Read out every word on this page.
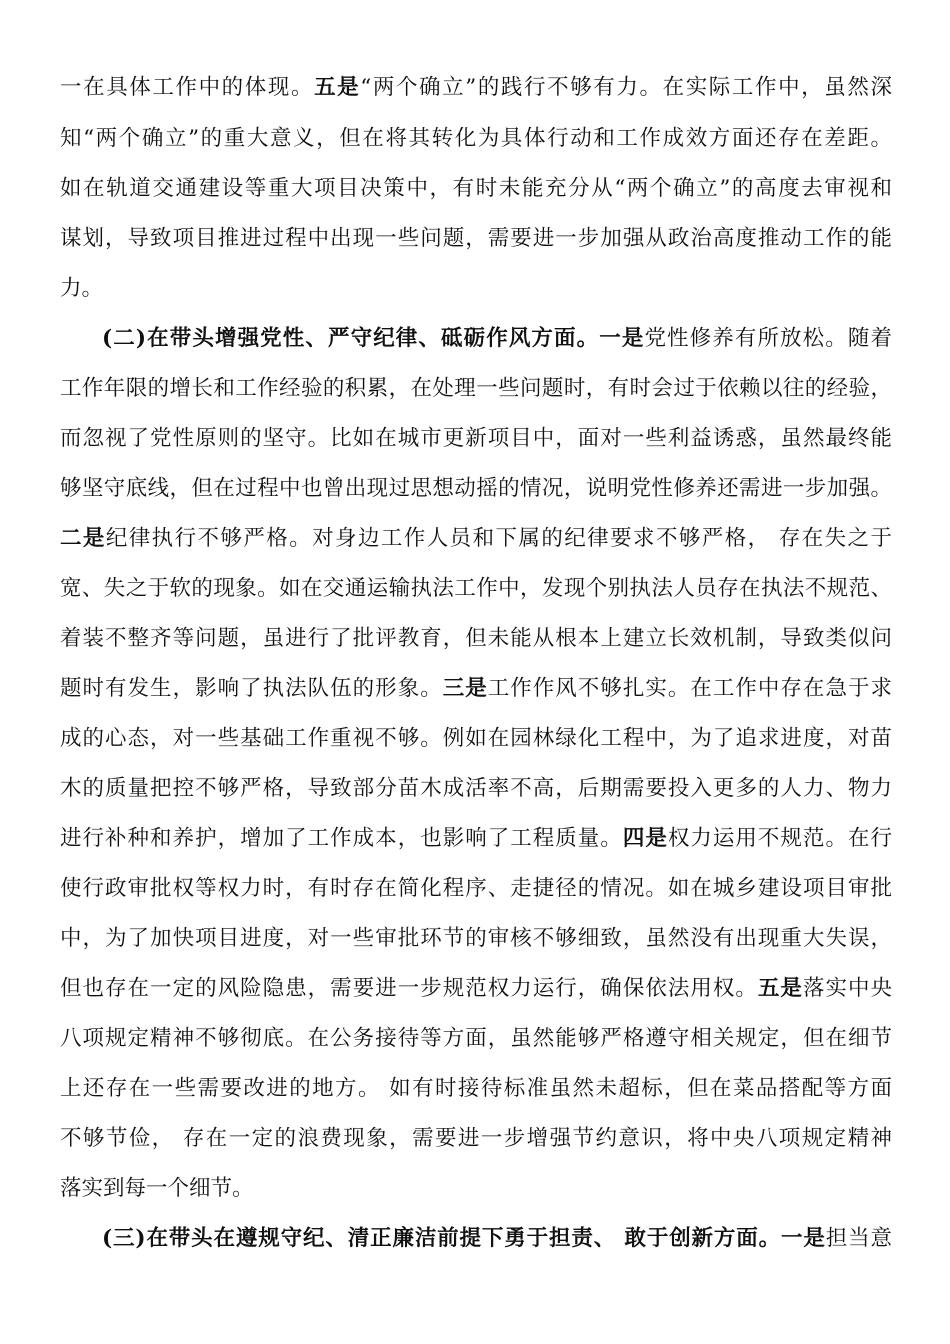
一在具体工作中的体现。五是“两个确立”的践行不够有力。在实际工作中，虽然深
知“两个确立”的重大意义，但在将其转化为具体行动和工作成效方面还存在差距。
如在轨道交通建设等重大项目决策中，有时未能充分从“两个确立”的高度去审视和
谋划，导致项目推进过程中出现一些问题，需要进一步加强从政治高度推动工作的能
力。
(二)在带头增强党性、严守纪律、砥砺作风方面。一是党性修养有所放松。随着
工作年限的增长和工作经验的积累，在处理一些问题时，有时会过于依赖以往的经验，
而忽视了党性原则的坚守。比如在城市更新项目中，面对一些利益诱惑，虽然最终能
够坚守底线，但在过程中也曾出现过思想动摇的情况，说明党性修养还需进一步加强。
二是纪律执行不够严格。对身边工作人员和下属的纪律要求不够严格， 存在失之于
宽、失之于软的现象。如在交通运输执法工作中，发现个别执法人员存在执法不规范、
着装不整齐等问题，虽进行了批评教育，但未能从根本上建立长效机制，导致类似问
题时有发生，影响了执法队伍的形象。三是工作作风不够扎实。在工作中存在急于求
成的心态，对一些基础工作重视不够。例如在园林绿化工程中，为了追求进度，对苗
木的质量把控不够严格，导致部分苗木成活率不高，后期需要投入更多的人力、物力
进行补种和养护，增加了工作成本，也影响了工程质量。四是权力运用不规范。在行
使行政审批权等权力时，有时存在简化程序、走捷径的情况。如在城乡建设项目审批
中，为了加快项目进度，对一些审批环节的审核不够细致，虽然没有出现重大失误，
但也存在一定的风险隐患，需要进一步规范权力运行，确保依法用权。五是落实中央
八项规定精神不够彻底。在公务接待等方面，虽然能够严格遵守相关规定，但在细节
上还存在一些需要改进的地方。 如有时接待标准虽然未超标，但在菜品搭配等方面
不够节俭， 存在一定的浪费现象，需要进一步增强节约意识，将中央八项规定精神
落实到每一个细节。
(三)在带头在遵规守纪、清正廉洁前提下勇于担责、 敢于创新方面。一是担当意
